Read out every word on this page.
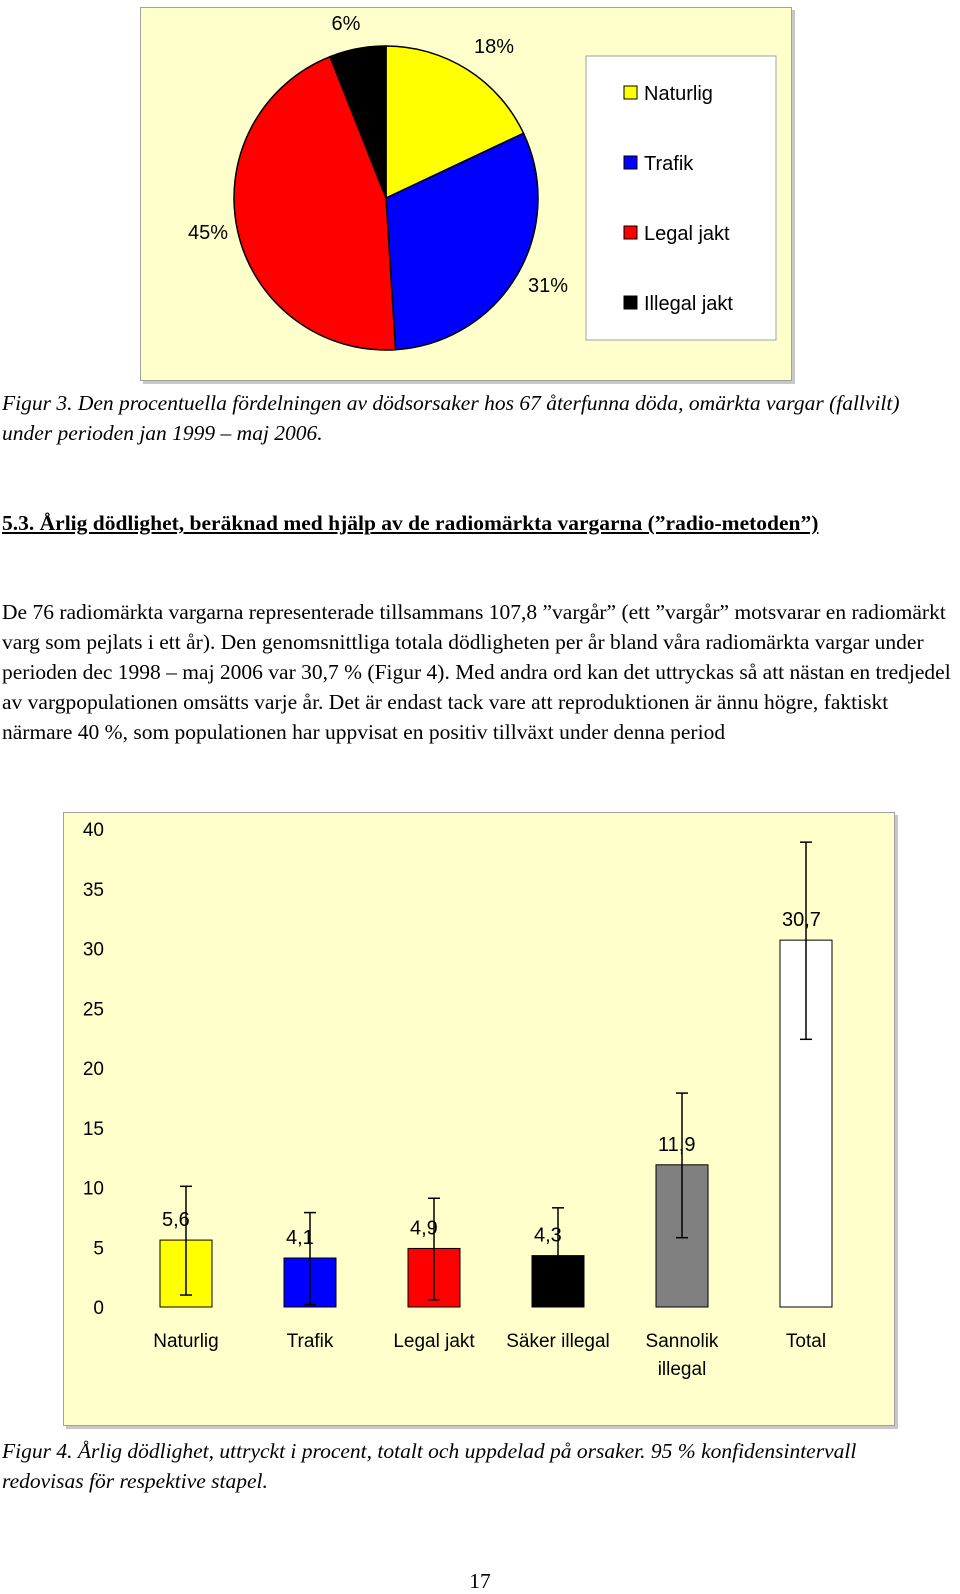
18%
31%
45%
6%
Naturlig
Trafik
Legal jakt
Illegal jakt

Figur 3. Den procentuella fördelningen av dödsorsaker hos 67 återfunna döda, omärkta vargar (fallvilt) under perioden jan 1999 – maj 2006.

5.3. Årlig dödlighet, beräknad med hjälp av de radiomärkta vargarna (”radio-metoden”)

De 76 radiomärkta vargarna representerade tillsammans 107,8 ”vargår” (ett ”vargår” motsvarar en radiomärkt varg som pejlats i ett år). Den genomsnittliga totala dödligheten per år bland våra radiomärkta vargar under perioden dec 1998 – maj 2006 var 30,7 % (Figur 4). Med andra ord kan det uttryckas så att nästan en tredjedel av vargpopulationen omsätts varje år. Det är endast tack vare att reproduktionen är ännu högre, faktiskt närmare 40 %, som populationen har uppvisat en positiv tillväxt under denna period

0
5
10
15
20
25
30
35
40
5,6
4,1	4,9	4,3
11,9
30,7
Naturlig	Trafik	Legal jakt Säker illegal Sannolik illegal
Total

Figur 4. Årlig dödlighet, uttryckt i procent, totalt och uppdelad på orsaker. 95 % konfidensintervall redovisas för respektive stapel.

17
